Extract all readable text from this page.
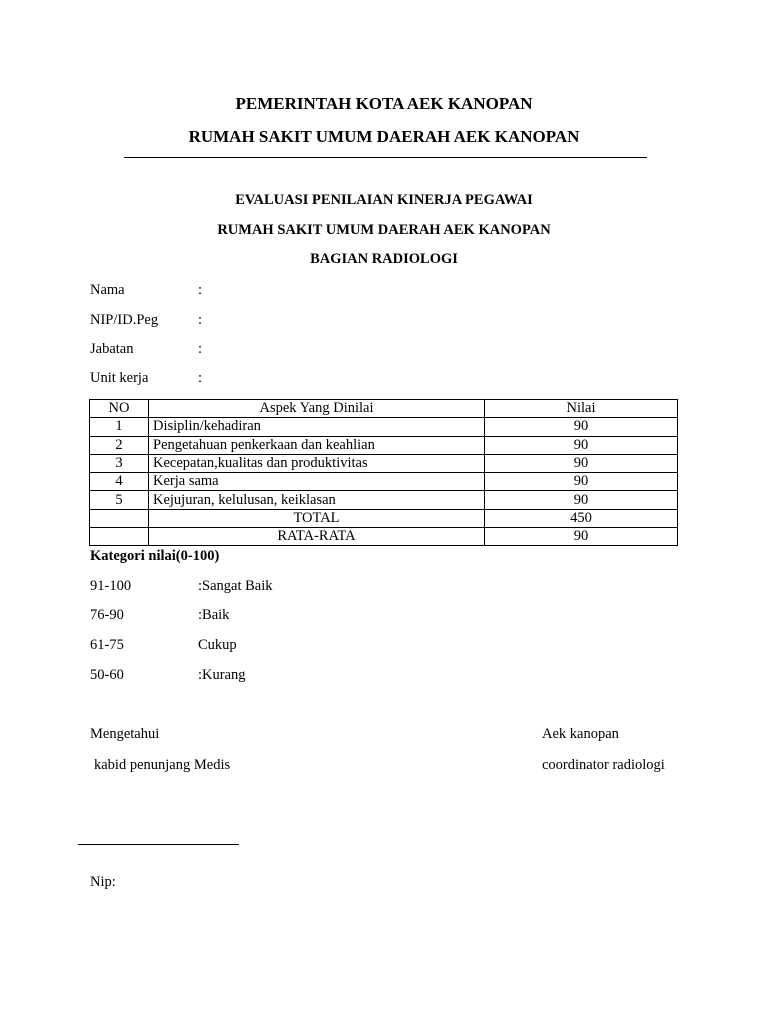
PEMERINTAH KOTA AEK KANOPAN
RUMAH SAKIT UMUM DAERAH AEK KANOPAN
EVALUASI PENILAIAN KINERJA PEGAWAI
RUMAH SAKIT UMUM DAERAH AEK KANOPAN
BAGIAN RADIOLOGI
Nama	:
NIP/ID.Peg	:
Jabatan	:
Unit kerja	:
NO	Aspek Yang Dinilai	Nilai
1	Disiplin/kehadiran	90
2	Pengetahuan penkerkaan dan keahlian	90
3	Kecepatan,kualitas dan produktivitas	90
4	Kerja sama	90
5	Kejujuran, kelulusan, keiklasan	90
	TOTAL	450
	RATA-RATA	90
Kategori nilai(0-100)
91-100	:Sangat Baik
76-90	:Baik
61-75	Cukup
50-60	:Kurang
Mengetahui
kabid penunjang Medis
Aek kanopan
coordinator radiologi
Nip:
